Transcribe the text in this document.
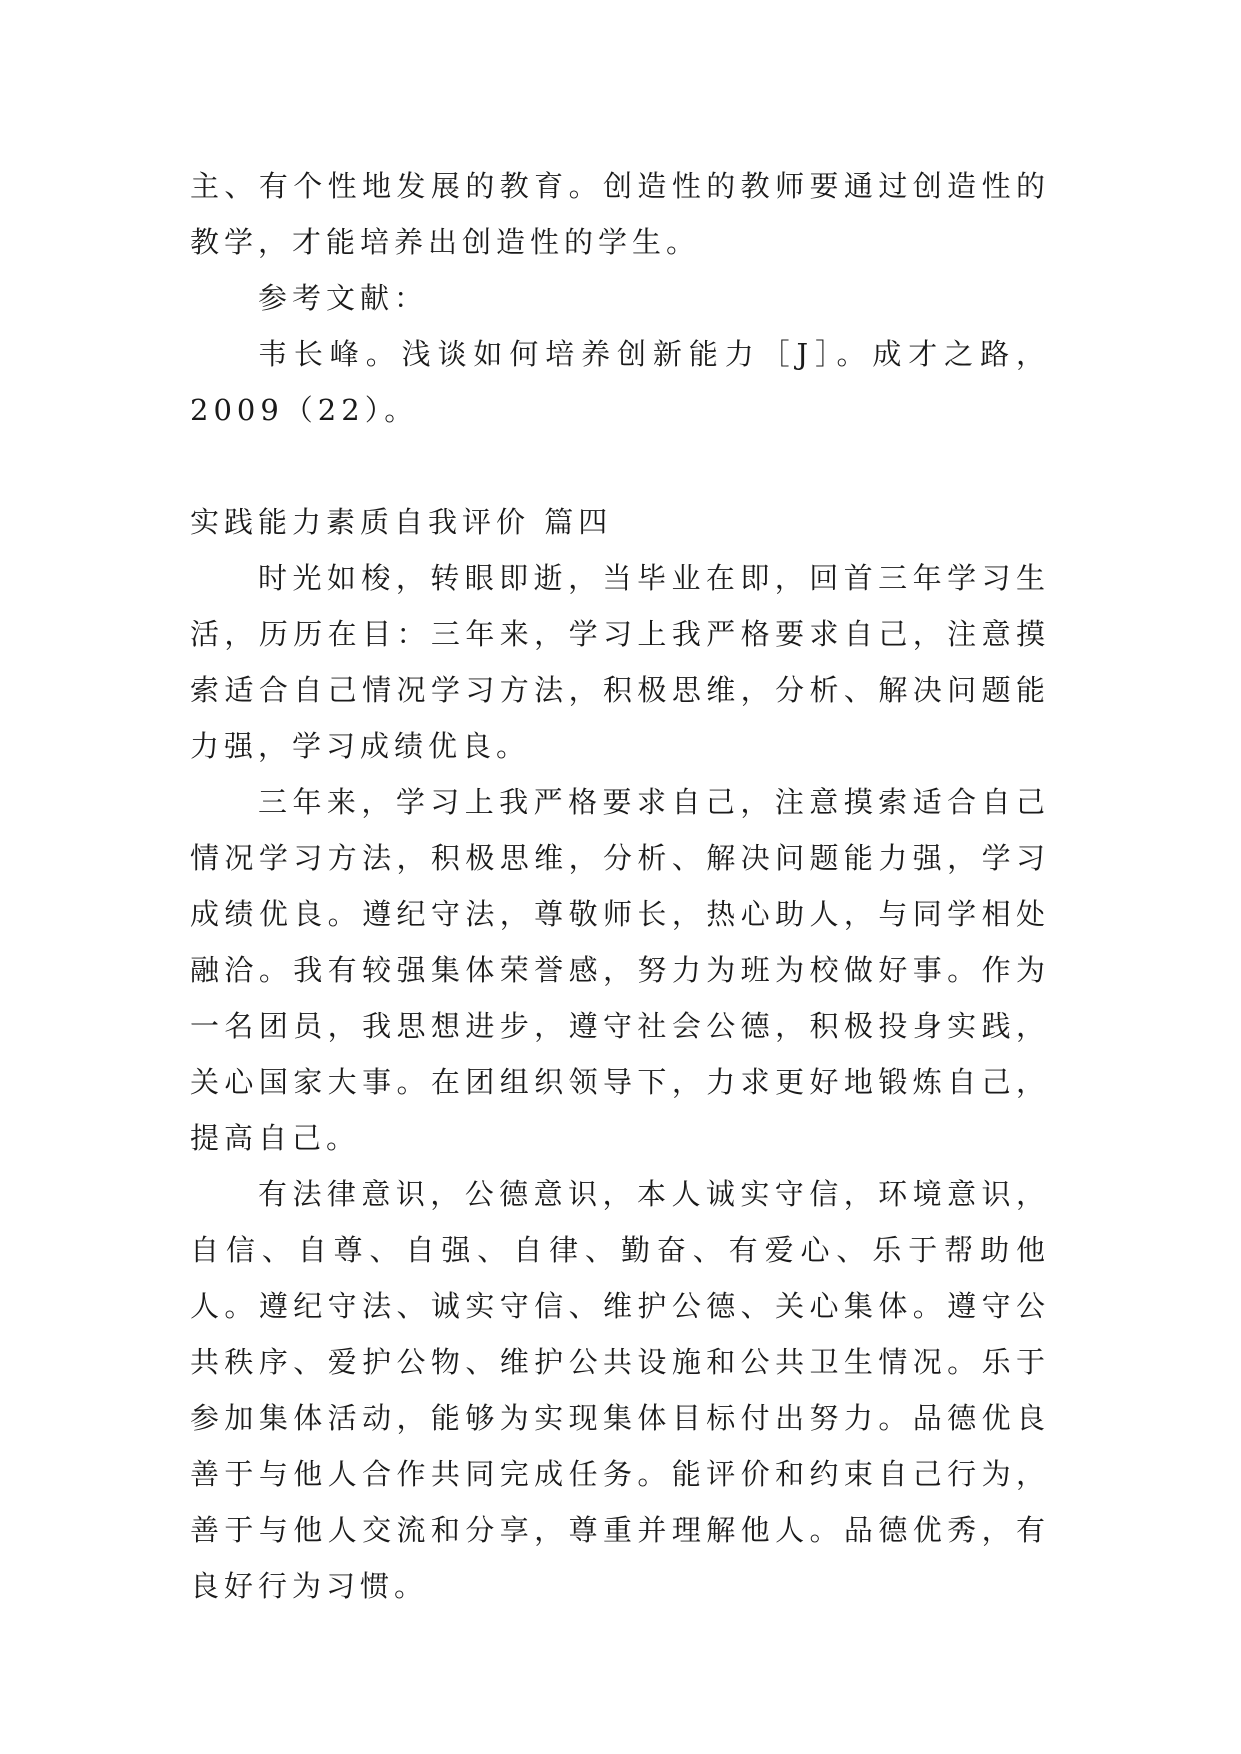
主、有个性地发展的教育。创造性的教师要通过创造性的教学，才能培养出创造性的学生。

参考文献：

韦长峰。浅谈如何培养创新能力［J］。成才之路，2009（22）。

实践能力素质自我评价 篇四

时光如梭，转眼即逝，当毕业在即，回首三年学习生活，历历在目：三年来，学习上我严格要求自己，注意摸索适合自己情况学习方法，积极思维，分析、解决问题能力强，学习成绩优良。

三年来，学习上我严格要求自己，注意摸索适合自己情况学习方法，积极思维，分析、解决问题能力强，学习成绩优良。遵纪守法，尊敬师长，热心助人，与同学相处融洽。我有较强集体荣誉感，努力为班为校做好事。作为一名团员，我思想进步，遵守社会公德，积极投身实践，关心国家大事。在团组织领导下，力求更好地锻炼自己，提高自己。

有法律意识，公德意识，本人诚实守信，环境意识，自信、自尊、自强、自律、勤奋、有爱心、乐于帮助他人。遵纪守法、诚实守信、维护公德、关心集体。遵守公共秩序、爱护公物、维护公共设施和公共卫生情况。乐于参加集体活动，能够为实现集体目标付出努力。品德优良善于与他人合作共同完成任务。能评价和约束自己行为，善于与他人交流和分享，尊重并理解他人。品德优秀，有良好行为习惯。
